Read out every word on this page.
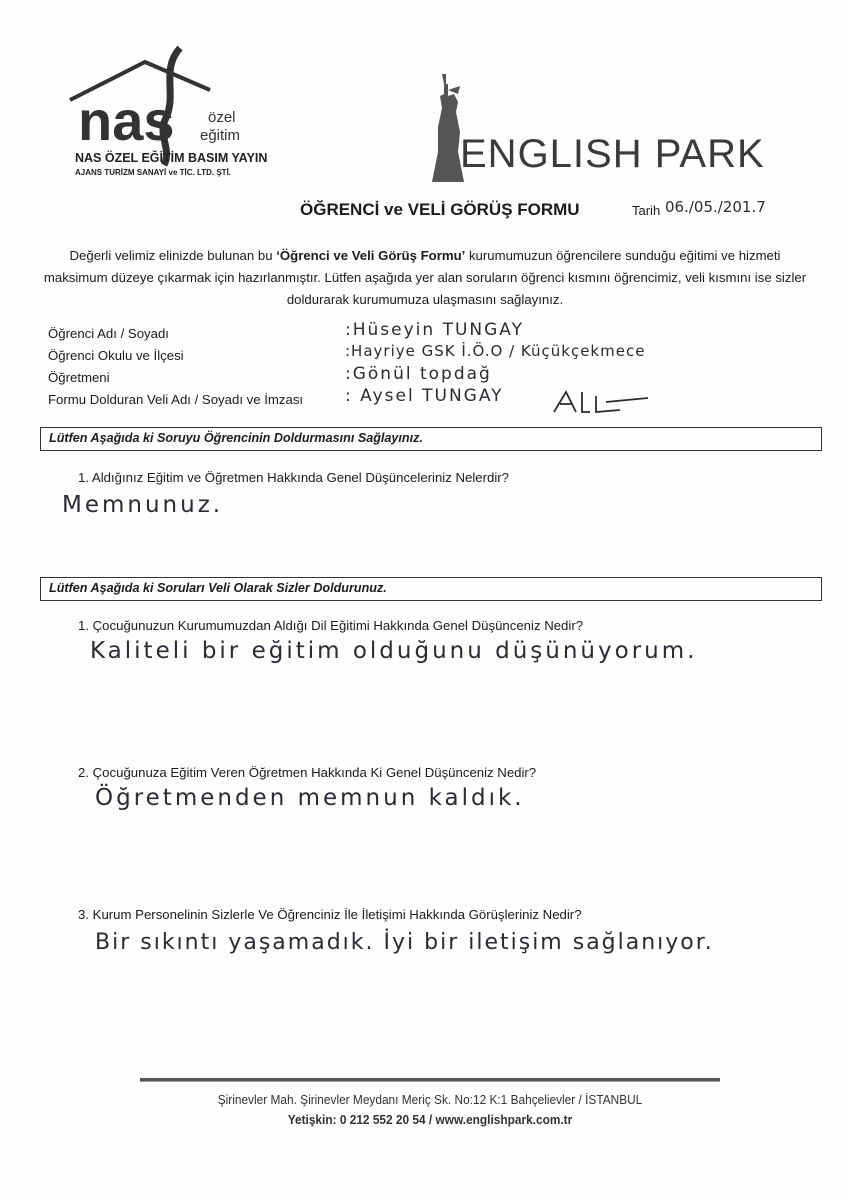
nas özel
eğitim
NAS ÖZEL EĞİTİM BASIM YAYIN
AJANS TURİZM SANAYİ ve TİC. LTD. ŞTİ.	ENGLISH PARK
ÖĞRENCİ ve VELİ GÖRÜŞ FORMU	Tarih 06./05./201.7
Değerli velimiz elinizde bulunan bu ‘Öğrenci ve Veli Görüş Formu’ kurumumuzun öğrencilere sunduğu eğitimi ve hizmeti maksimum düzeye çıkarmak için hazırlanmıştır. Lütfen aşağıda yer alan soruların öğrenci kısmını öğrencimiz, veli kısmını ise sizler doldurarak kurumumuza ulaşmasını sağlayınız.
Öğrenci Adı / Soyadı	:Hüseyin TUNGAY
Öğrenci Okulu ve İlçesi	:Hayriye GSK İ.Ö.O / Küçükçekmece
Öğretmeni	:Gönül topdağ
Formu Dolduran Veli Adı / Soyadı ve İmzası : Aysel TUNGAY
Lütfen Aşağıda ki Soruyu Öğrencinin Doldurmasını Sağlayınız.
1. Aldığınız Eğitim ve Öğretmen Hakkında Genel Düşünceleriniz Nelerdir?
Memnunuz.
Lütfen Aşağıda ki Soruları Veli Olarak Sizler Doldurunuz.
1. Çocuğunuzun Kurumumuzdan Aldığı Dil Eğitimi Hakkında Genel Düşünceniz Nedir?
Kaliteli bir eğitim olduğunu düşünüyorum.
2. Çocuğunuza Eğitim Veren Öğretmen Hakkında Ki Genel Düşünceniz Nedir?
Öğretmenden memnun kaldık.
3. Kurum Personelinin Sizlerle Ve Öğrenciniz İle İletişimi Hakkında Görüşleriniz Nedir?
Bir sıkıntı yaşamadık. İyi bir iletişim sağlanıyor.
Şirinevler Mah. Şirinevler Meydanı Meriç Sk. No:12 K:1 Bahçelievler / İSTANBUL
Yetişkin: 0 212 552 20 54 / www.englishpark.com.tr
